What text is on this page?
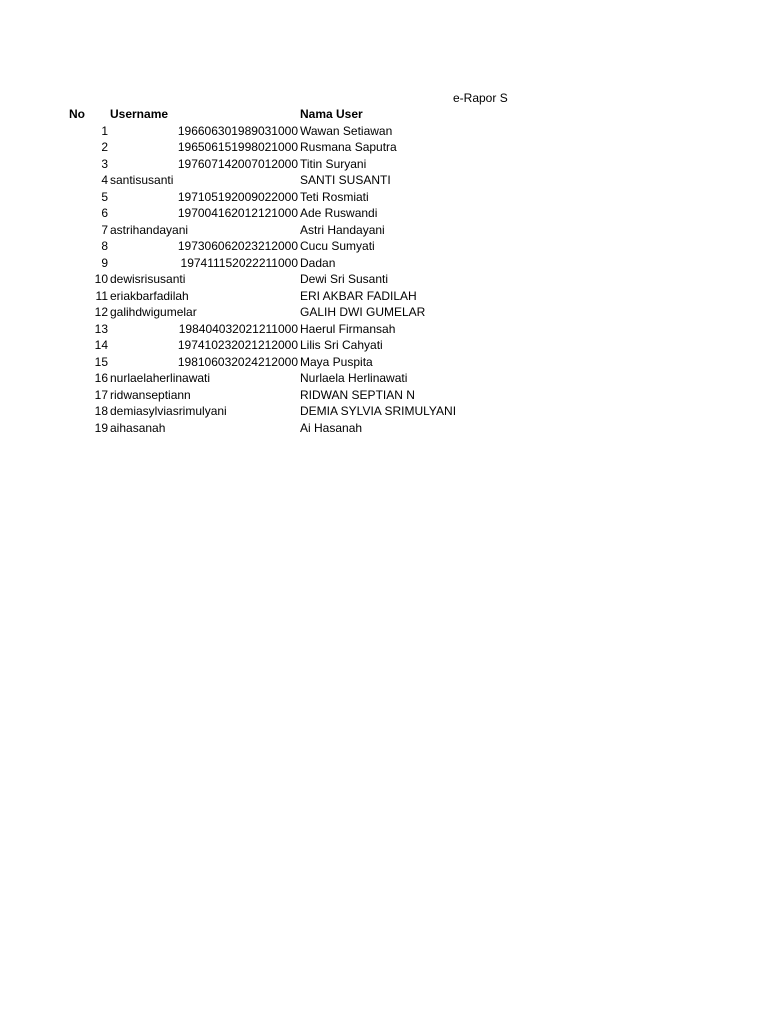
e-Rapor S
No Username	Nama User
1	196606301989031000 Wawan Setiawan
2	196506151998021000 Rusmana Saputra
3	197607142007012000 Titin Suryani
4 santisusanti	SANTI SUSANTI
5	197105192009022000 Teti Rosmiati
6	197004162012121000 Ade Ruswandi
7 astrihandayani	Astri Handayani
8	197306062023212000 Cucu Sumyati
9	197411152022211000 Dadan
10 dewisrisusanti	Dewi Sri Susanti
11 eriakbarfadilah	ERI AKBAR FADILAH
12 galihdwigumelar	GALIH DWI GUMELAR
13	198404032021211000 Haerul Firmansah
14	197410232021212000 Lilis Sri Cahyati
15	198106032024212000 Maya Puspita
16 nurlaelaherlinawati	Nurlaela Herlinawati
17 ridwanseptiann	RIDWAN SEPTIAN N
18 demiasylviasrimulyani	DEMIA SYLVIA SRIMULYANI
19 aihasanah	Ai Hasanah
